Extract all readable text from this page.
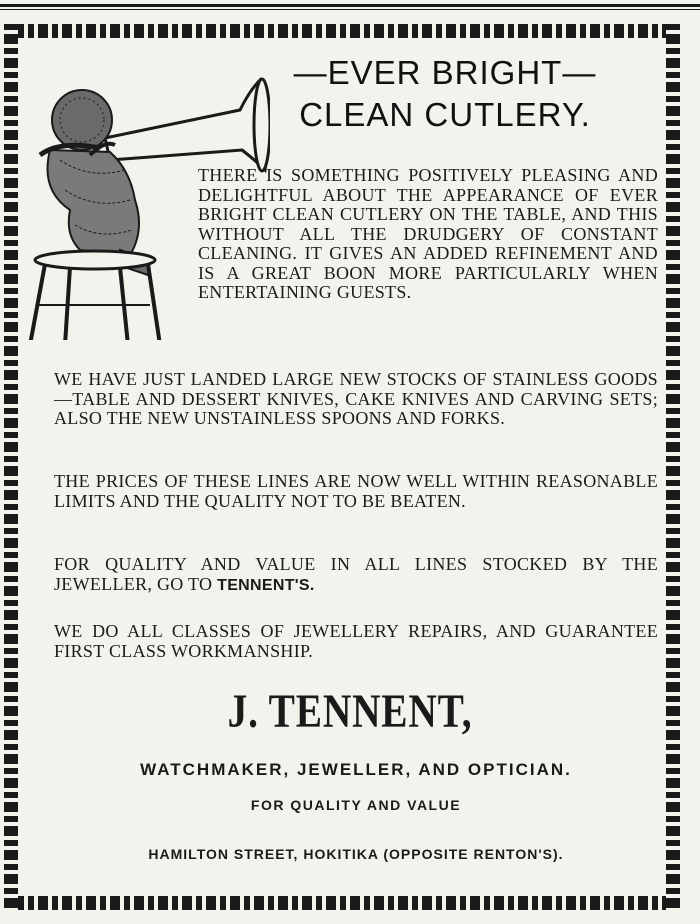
—EVER BRIGHT—
CLEAN CUTLERY.
THERE IS SOMETHING POSITIVELY PLEASING AND DELIGHTFUL ABOUT THE APPEARANCE OF EVER BRIGHT CLEAN CUTLERY ON THE TABLE, AND THIS WITHOUT ALL THE DRUDGERY OF CONSTANT CLEANING. IT GIVES AN ADDED REFINEMENT AND IS A GREAT BOON MORE PARTICULARLY WHEN ENTERTAINING GUESTS.
WE HAVE JUST LANDED LARGE NEW STOCKS OF STAINLESS GOODS—TABLE AND DESSERT KNIVES, CAKE KNIVES AND CARVING SETS; ALSO THE NEW UNSTAINLESS SPOONS AND FORKS.
THE PRICES OF THESE LINES ARE NOW WELL WITHIN REASONABLE LIMITS AND THE QUALITY NOT TO BE BEATEN.
FOR QUALITY AND VALUE IN ALL LINES STOCKED BY THE JEWELLER, GO TO TENNENT'S.
WE DO ALL CLASSES OF JEWELLERY REPAIRS, AND GUARANTEE FIRST CLASS WORKMANSHIP.
J. TENNENT,
WATCHMAKER, JEWELLER, AND OPTICIAN.
FOR QUALITY AND VALUE
HAMILTON STREET, HOKITIKA (OPPOSITE RENTON'S).
